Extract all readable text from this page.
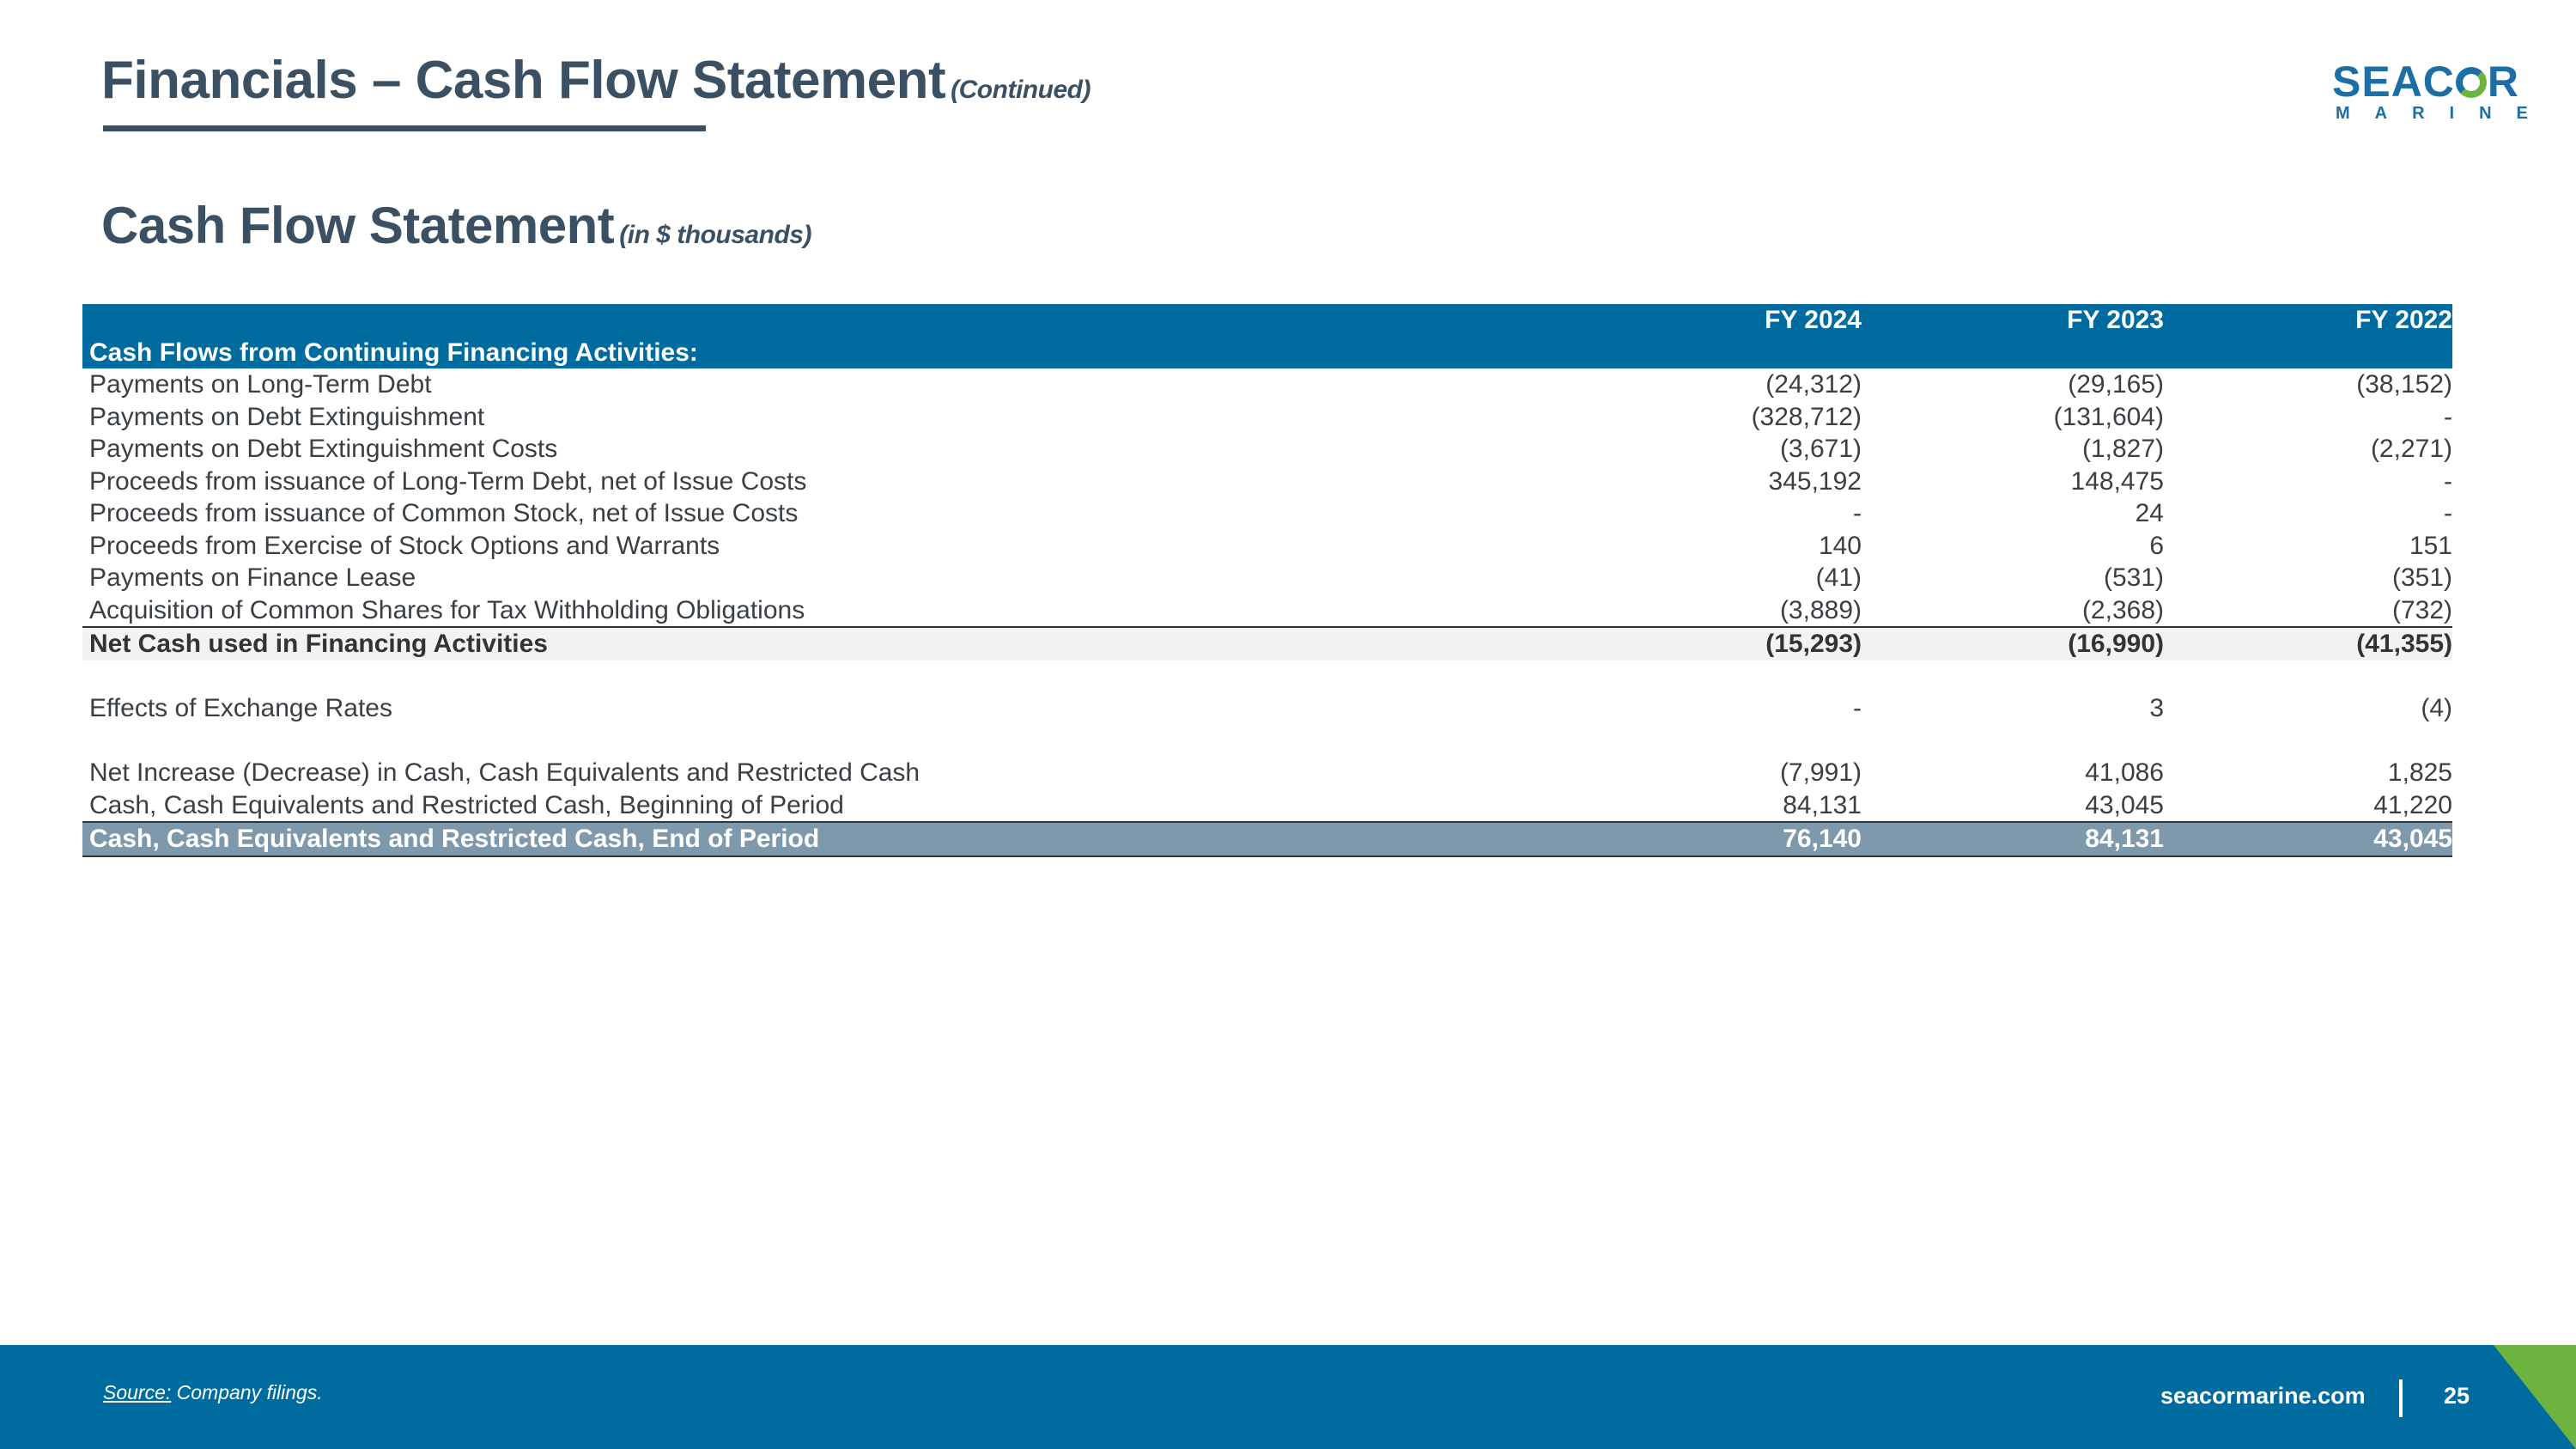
Financials – Cash Flow Statement (Continued)	SEAC R
MARINE
Cash Flow Statement (in $ thousands)
	FY 2024	FY 2023	FY 2022
Cash Flows from Continuing Financing Activities:			
Payments on Long-Term Debt	(24,312)	(29,165)	(38,152)
Payments on Debt Extinguishment	(328,712)	(131,604)	-
Payments on Debt Extinguishment Costs	(3,671)	(1,827)	(2,271)
Proceeds from issuance of Long-Term Debt, net of Issue Costs	345,192	148,475	-
Proceeds from issuance of Common Stock, net of Issue Costs	-	24	-
Proceeds from Exercise of Stock Options and Warrants	140	6	151
Payments on Finance Lease	(41)	(531)	(351)
Acquisition of Common Shares for Tax Withholding Obligations	(3,889)	(2,368)	(732)
Net Cash used in Financing Activities	(15,293)	(16,990)	(41,355)

Effects of Exchange Rates	-	3	(4)

Net Increase (Decrease) in Cash, Cash Equivalents and Restricted Cash	(7,991)	41,086	1,825
Cash, Cash Equivalents and Restricted Cash, Beginning of Period	84,131	43,045	41,220
Cash, Cash Equivalents and Restricted Cash, End of Period	76,140	84,131	43,045
Source: Company filings.	seacormarine.com	25
